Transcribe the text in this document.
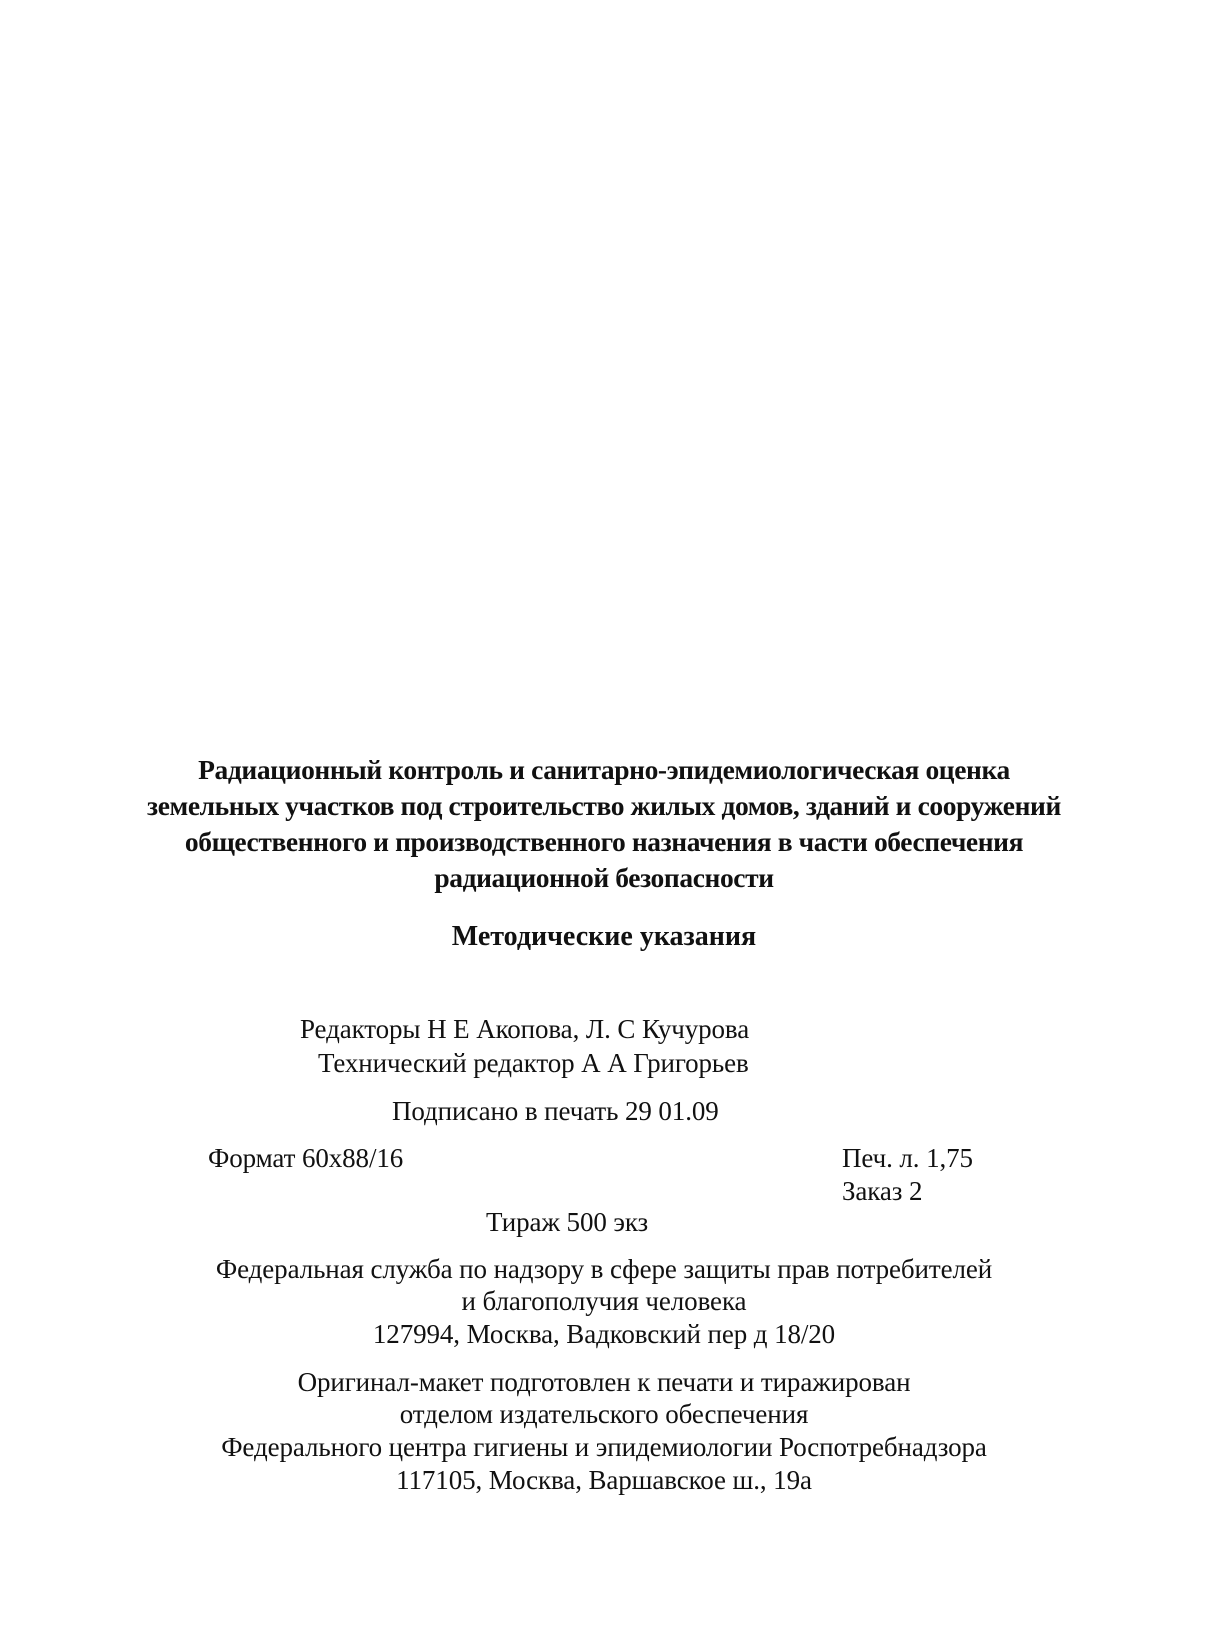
Радиационный контроль и санитарно-эпидемиологическая оценка
земельных участков под строительство жилых домов, зданий и сооружений
общественного и производственного назначения в части обеспечения
радиационной безопасности
Методические указания
Редакторы Н Е Акопова, Л. С Кучурова
Технический редактор А А Григорьев
Подписано в печать 29 01.09
Формат 60x88/16	Печ. л. 1,75
Заказ 2
Тираж 500 экз
Федеральная служба по надзору в сфере защиты прав потребителей
и благополучия человека
127994, Москва, Вадковский пер д 18/20
Оригинал-макет подготовлен к печати и тиражирован
отделом издательского обеспечения
Федерального центра гигиены и эпидемиологии Роспотребнадзора
117105, Москва, Варшавское ш., 19а
